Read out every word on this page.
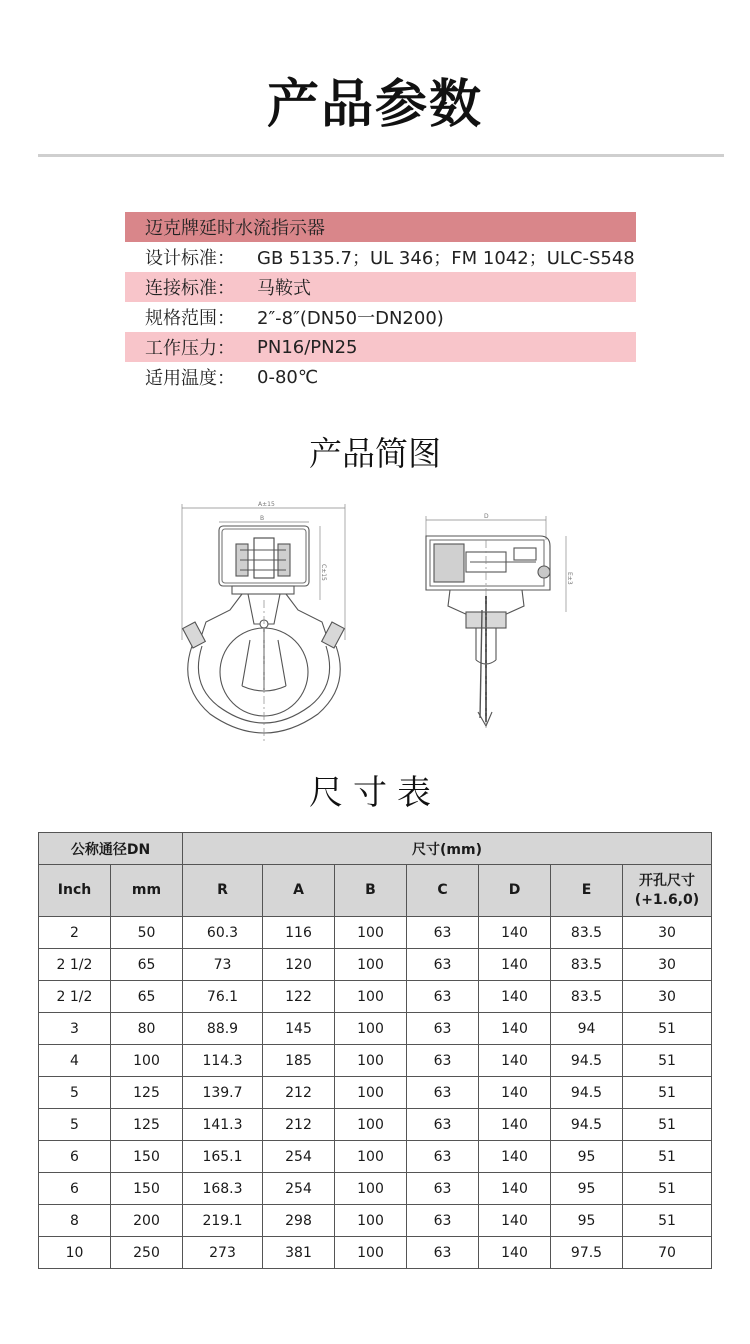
产品参数
迈克牌延时水流指示器
设计标准：	GB 5135.7；UL 346；FM 1042；ULC-S548
连接标准：	马鞍式
规格范围：	2″-8″(DN50一DN200)
工作压力：	PN16/PN25
适用温度：	0-80℃
产品简图
A±15
B
C±15
D
E±3
尺寸表
公称通径DN		尺寸(mm)						
Inch	mm	R	A	B	C	D	E	开孔尺寸
(+1.6,0)
2	50	60.3	116	100	63	140	83.5	30
2 1/2	65	73	120	100	63	140	83.5	30
2 1/2	65	76.1	122	100	63	140	83.5	30
3	80	88.9	145	100	63	140	94	51
4	100	114.3	185	100	63	140	94.5	51
5	125	139.7	212	100	63	140	94.5	51
5	125	141.3	212	100	63	140	94.5	51
6	150	165.1	254	100	63	140	95	51
6	150	168.3	254	100	63	140	95	51
8	200	219.1	298	100	63	140	95	51
10	250	273	381	100	63	140	97.5	70
